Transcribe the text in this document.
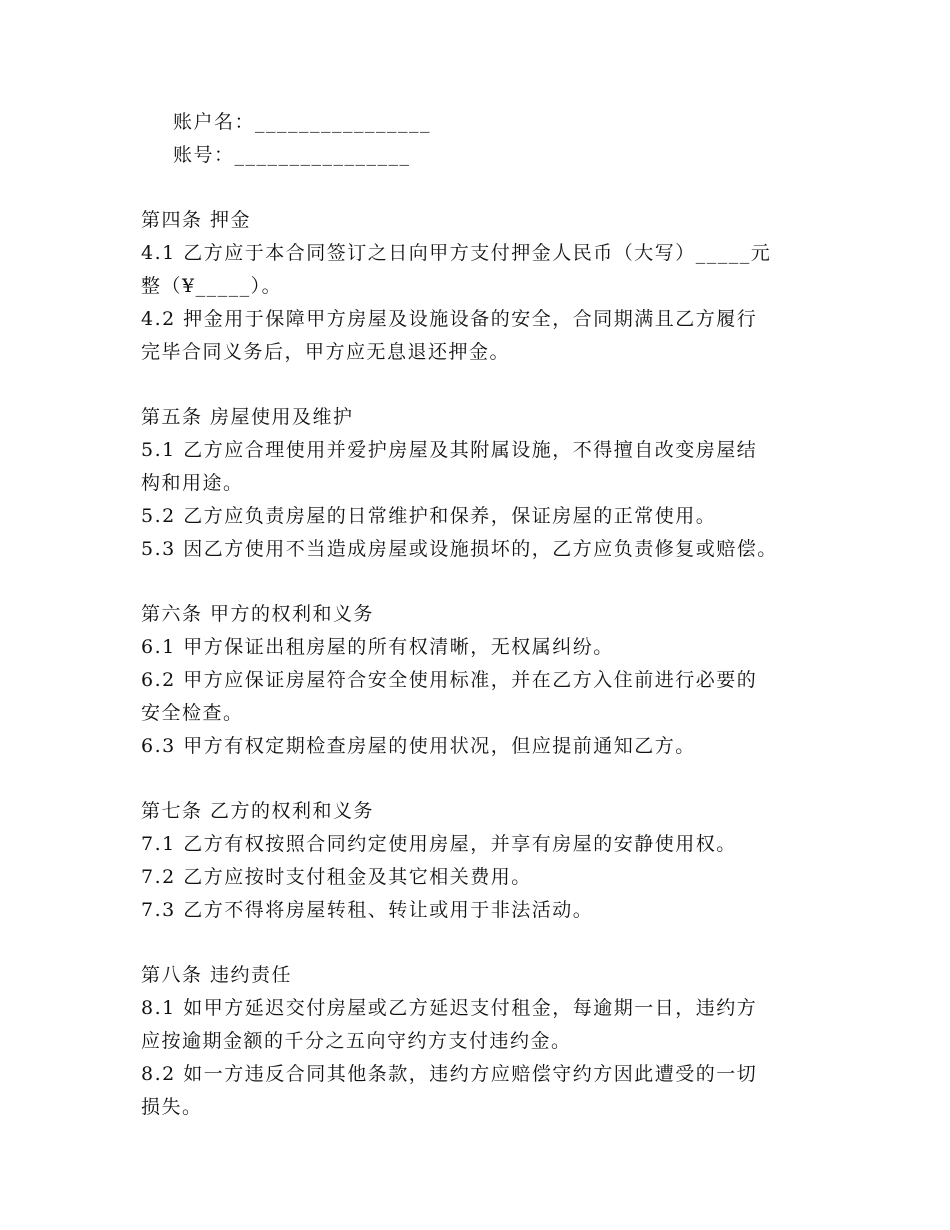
账户名：________________
账号：________________
第四条 押金
4.1 乙方应于本合同签订之日向甲方支付押金人民币（大写）_____元
整（¥_____）。
4.2 押金用于保障甲方房屋及设施设备的安全，合同期满且乙方履行
完毕合同义务后，甲方应无息退还押金。
第五条 房屋使用及维护
5.1 乙方应合理使用并爱护房屋及其附属设施，不得擅自改变房屋结
构和用途。
5.2 乙方应负责房屋的日常维护和保养，保证房屋的正常使用。
5.3 因乙方使用不当造成房屋或设施损坏的，乙方应负责修复或赔偿。
第六条 甲方的权利和义务
6.1 甲方保证出租房屋的所有权清晰，无权属纠纷。
6.2 甲方应保证房屋符合安全使用标准，并在乙方入住前进行必要的
安全检查。
6.3 甲方有权定期检查房屋的使用状况，但应提前通知乙方。
第七条 乙方的权利和义务
7.1 乙方有权按照合同约定使用房屋，并享有房屋的安静使用权。
7.2 乙方应按时支付租金及其它相关费用。
7.3 乙方不得将房屋转租、转让或用于非法活动。
第八条 违约责任
8.1 如甲方延迟交付房屋或乙方延迟支付租金，每逾期一日，违约方
应按逾期金额的千分之五向守约方支付违约金。
8.2 如一方违反合同其他条款，违约方应赔偿守约方因此遭受的一切
损失。
